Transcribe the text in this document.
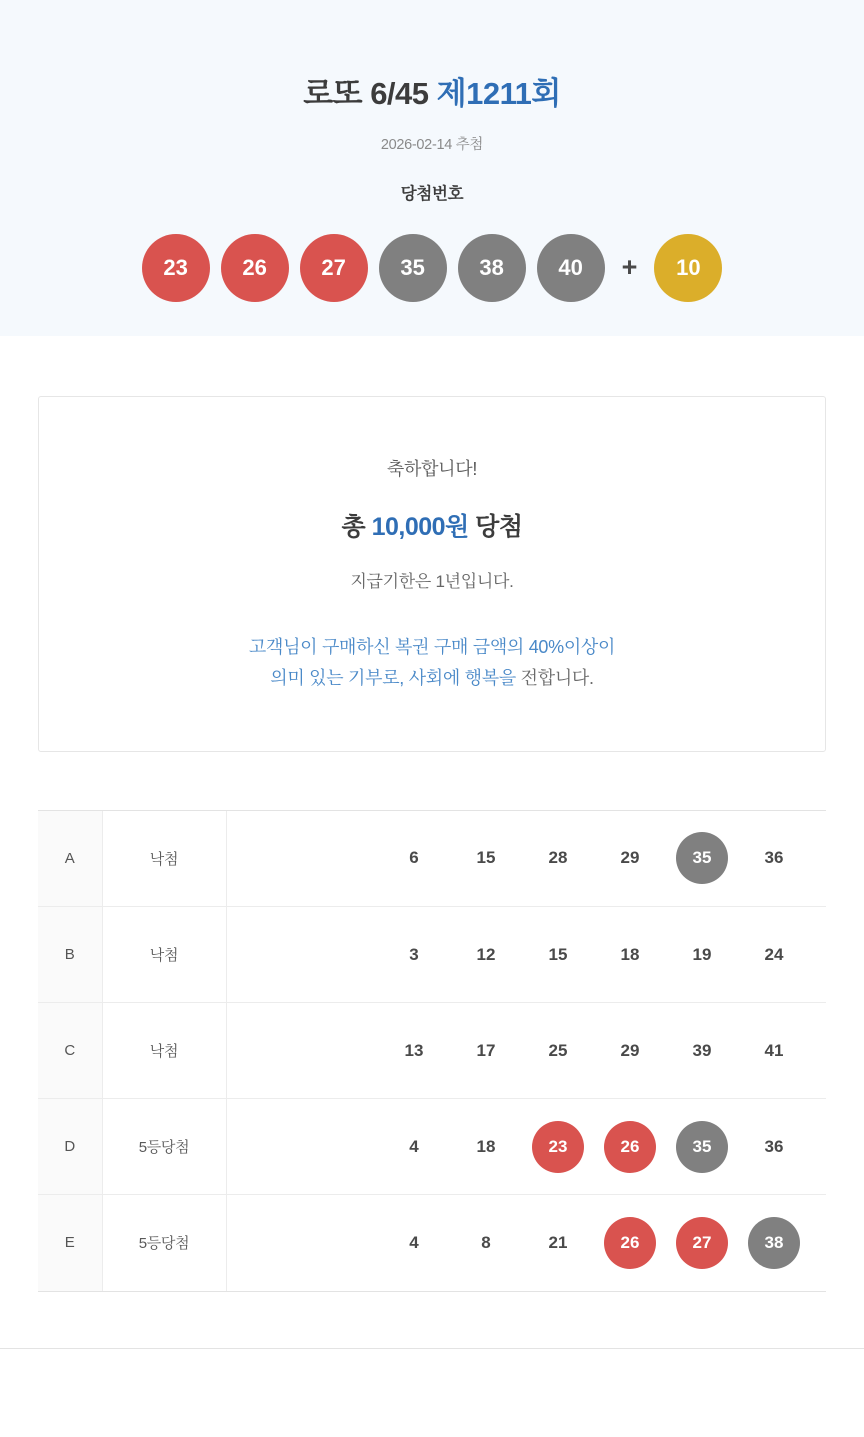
로또 6/45 제1211회
2026-02-14 추첨
당첨번호
23	26	27	35	38	40	+	10
축하합니다!
총 10,000원 당첨
지급기한은 1년입니다.
고객님이 구매하신 복권 구매 금액의 40%이상이
의미 있는 기부로, 사회에 행복을 전합니다.
A	낙첨	6	15	28	29	35	36

B	낙첨	3	12	15	18	19	24

C	낙첨	13	17	25	29	39	41

D	5등당첨	4	18	23	26	35	36

E	5등당첨	4	8	21	26	27	38
